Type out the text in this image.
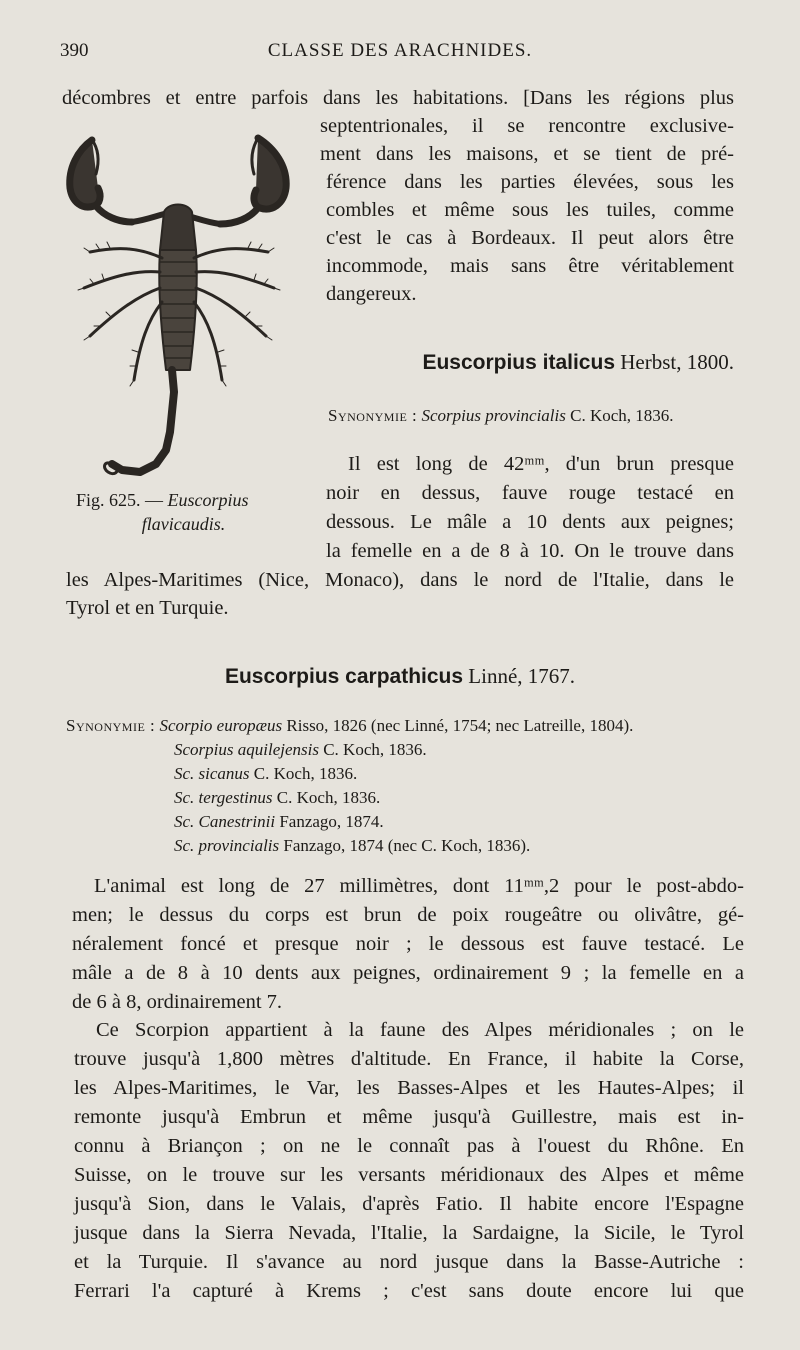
390	CLASSE DES ARACHNIDES.
décombres et entre parfois dans les habitations. [Dans les régions plus
septentrionales, il se rencontre exclusive-
ment dans les maisons, et se tient de pré-
férence dans les parties élevées, sous les
combles et même sous les tuiles, comme
c'est le cas à Bordeaux. Il peut alors être
incommode, mais sans être véritablement
dangereux.
Fig. 625. — Euscorpius
flavicaudis.
Euscorpius italicus Herbst, 1800.
Synonymie : Scorpius provincialis C. Koch, 1836.
Il est long de 42ᵐᵐ, d'un brun presque
noir en dessus, fauve rouge testacé en
dessous. Le mâle a 10 dents aux peignes;
la femelle en a de 8 à 10. On le trouve dans
les Alpes-Maritimes (Nice, Monaco), dans le nord de l'Italie, dans le
Tyrol et en Turquie.
Euscorpius carpathicus Linné, 1767.
Synonymie : Scorpio europæus Risso, 1826 (nec Linné, 1754; nec Latreille, 1804).
Scorpius aquilejensis C. Koch, 1836.
Sc. sicanus C. Koch, 1836.
Sc. tergestinus C. Koch, 1836.
Sc. Canestrinii Fanzago, 1874.
Sc. provincialis Fanzago, 1874 (nec C. Koch, 1836).
L'animal est long de 27 millimètres, dont 11ᵐᵐ,2 pour le post-abdo-
men; le dessus du corps est brun de poix rougeâtre ou olivâtre, gé-
néralement foncé et presque noir ; le dessous est fauve testacé. Le
mâle a de 8 à 10 dents aux peignes, ordinairement 9 ; la femelle en a
de 6 à 8, ordinairement 7.
Ce Scorpion appartient à la faune des Alpes méridionales ; on le
trouve jusqu'à 1,800 mètres d'altitude. En France, il habite la Corse,
les Alpes-Maritimes, le Var, les Basses-Alpes et les Hautes-Alpes; il
remonte jusqu'à Embrun et même jusqu'à Guillestre, mais est in-
connu à Briançon ; on ne le connaît pas à l'ouest du Rhône. En
Suisse, on le trouve sur les versants méridionaux des Alpes et même
jusqu'à Sion, dans le Valais, d'après Fatio. Il habite encore l'Espagne
jusque dans la Sierra Nevada, l'Italie, la Sardaigne, la Sicile, le Tyrol
et la Turquie. Il s'avance au nord jusque dans la Basse-Autriche :
Ferrari l'a capturé à Krems ; c'est sans doute encore lui que
